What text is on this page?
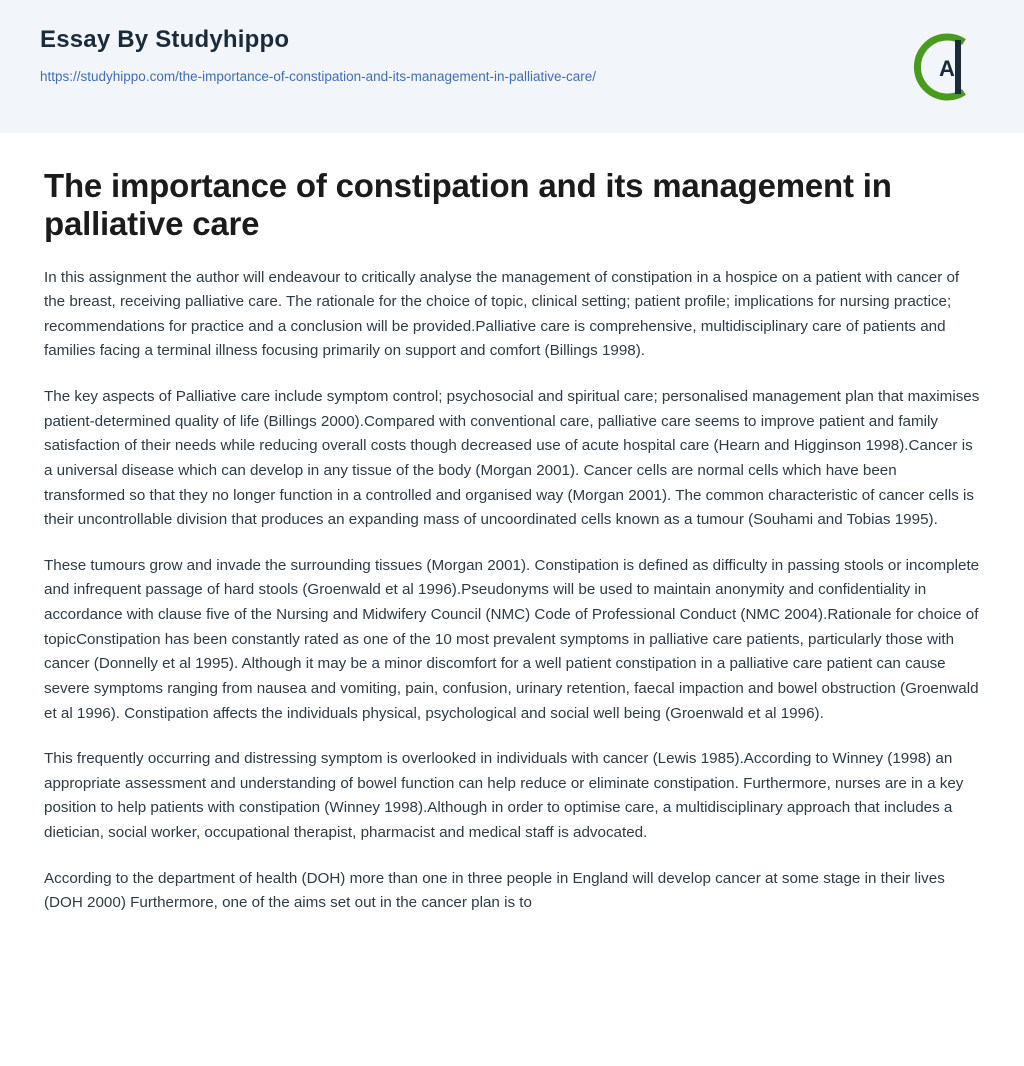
Essay By Studyhippo
https://studyhippo.com/the-importance-of-constipation-and-its-management-in-palliative-care/	A
The importance of constipation and its management in palliative care

In this assignment the author will endeavour to critically analyse the management of constipation in a hospice on a patient with cancer of the breast, receiving palliative care. The rationale for the choice of topic, clinical setting; patient profile; implications for nursing practice; recommendations for practice and a conclusion will be provided.Palliative care is comprehensive, multidisciplinary care of patients and families facing a terminal illness focusing primarily on support and comfort (Billings 1998).

The key aspects of Palliative care include symptom control; psychosocial and spiritual care; personalised management plan that maximises patient-determined quality of life (Billings 2000).Compared with conventional care, palliative care seems to improve patient and family satisfaction of their needs while reducing overall costs though decreased use of acute hospital care (Hearn and Higginson 1998).Cancer is a universal disease which can develop in any tissue of the body (Morgan 2001). Cancer cells are normal cells which have been transformed so that they no longer function in a controlled and organised way (Morgan 2001). The common characteristic of cancer cells is their uncontrollable division that produces an expanding mass of uncoordinated cells known as a tumour (Souhami and Tobias 1995).

These tumours grow and invade the surrounding tissues (Morgan 2001). Constipation is defined as difficulty in passing stools or incomplete and infrequent passage of hard stools (Groenwald et al 1996).Pseudonyms will be used to maintain anonymity and confidentiality in accordance with clause five of the Nursing and Midwifery Council (NMC) Code of Professional Conduct (NMC 2004).Rationale for choice of topicConstipation has been constantly rated as one of the 10 most prevalent symptoms in palliative care patients, particularly those with cancer (Donnelly et al 1995). Although it may be a minor discomfort for a well patient constipation in a palliative care patient can cause severe symptoms ranging from nausea and vomiting, pain, confusion, urinary retention, faecal impaction and bowel obstruction (Groenwald et al 1996). Constipation affects the individuals physical, psychological and social well being (Groenwald et al 1996).

This frequently occurring and distressing symptom is overlooked in individuals with cancer (Lewis 1985).According to Winney (1998) an appropriate assessment and understanding of bowel function can help reduce or eliminate constipation. Furthermore, nurses are in a key position to help patients with constipation (Winney 1998).Although in order to optimise care, a multidisciplinary approach that includes a dietician, social worker, occupational therapist, pharmacist and medical staff is advocated.

According to the department of health (DOH) more than one in three people in England will develop cancer at some stage in their lives (DOH 2000) Furthermore, one of the aims set out in the cancer plan is to
